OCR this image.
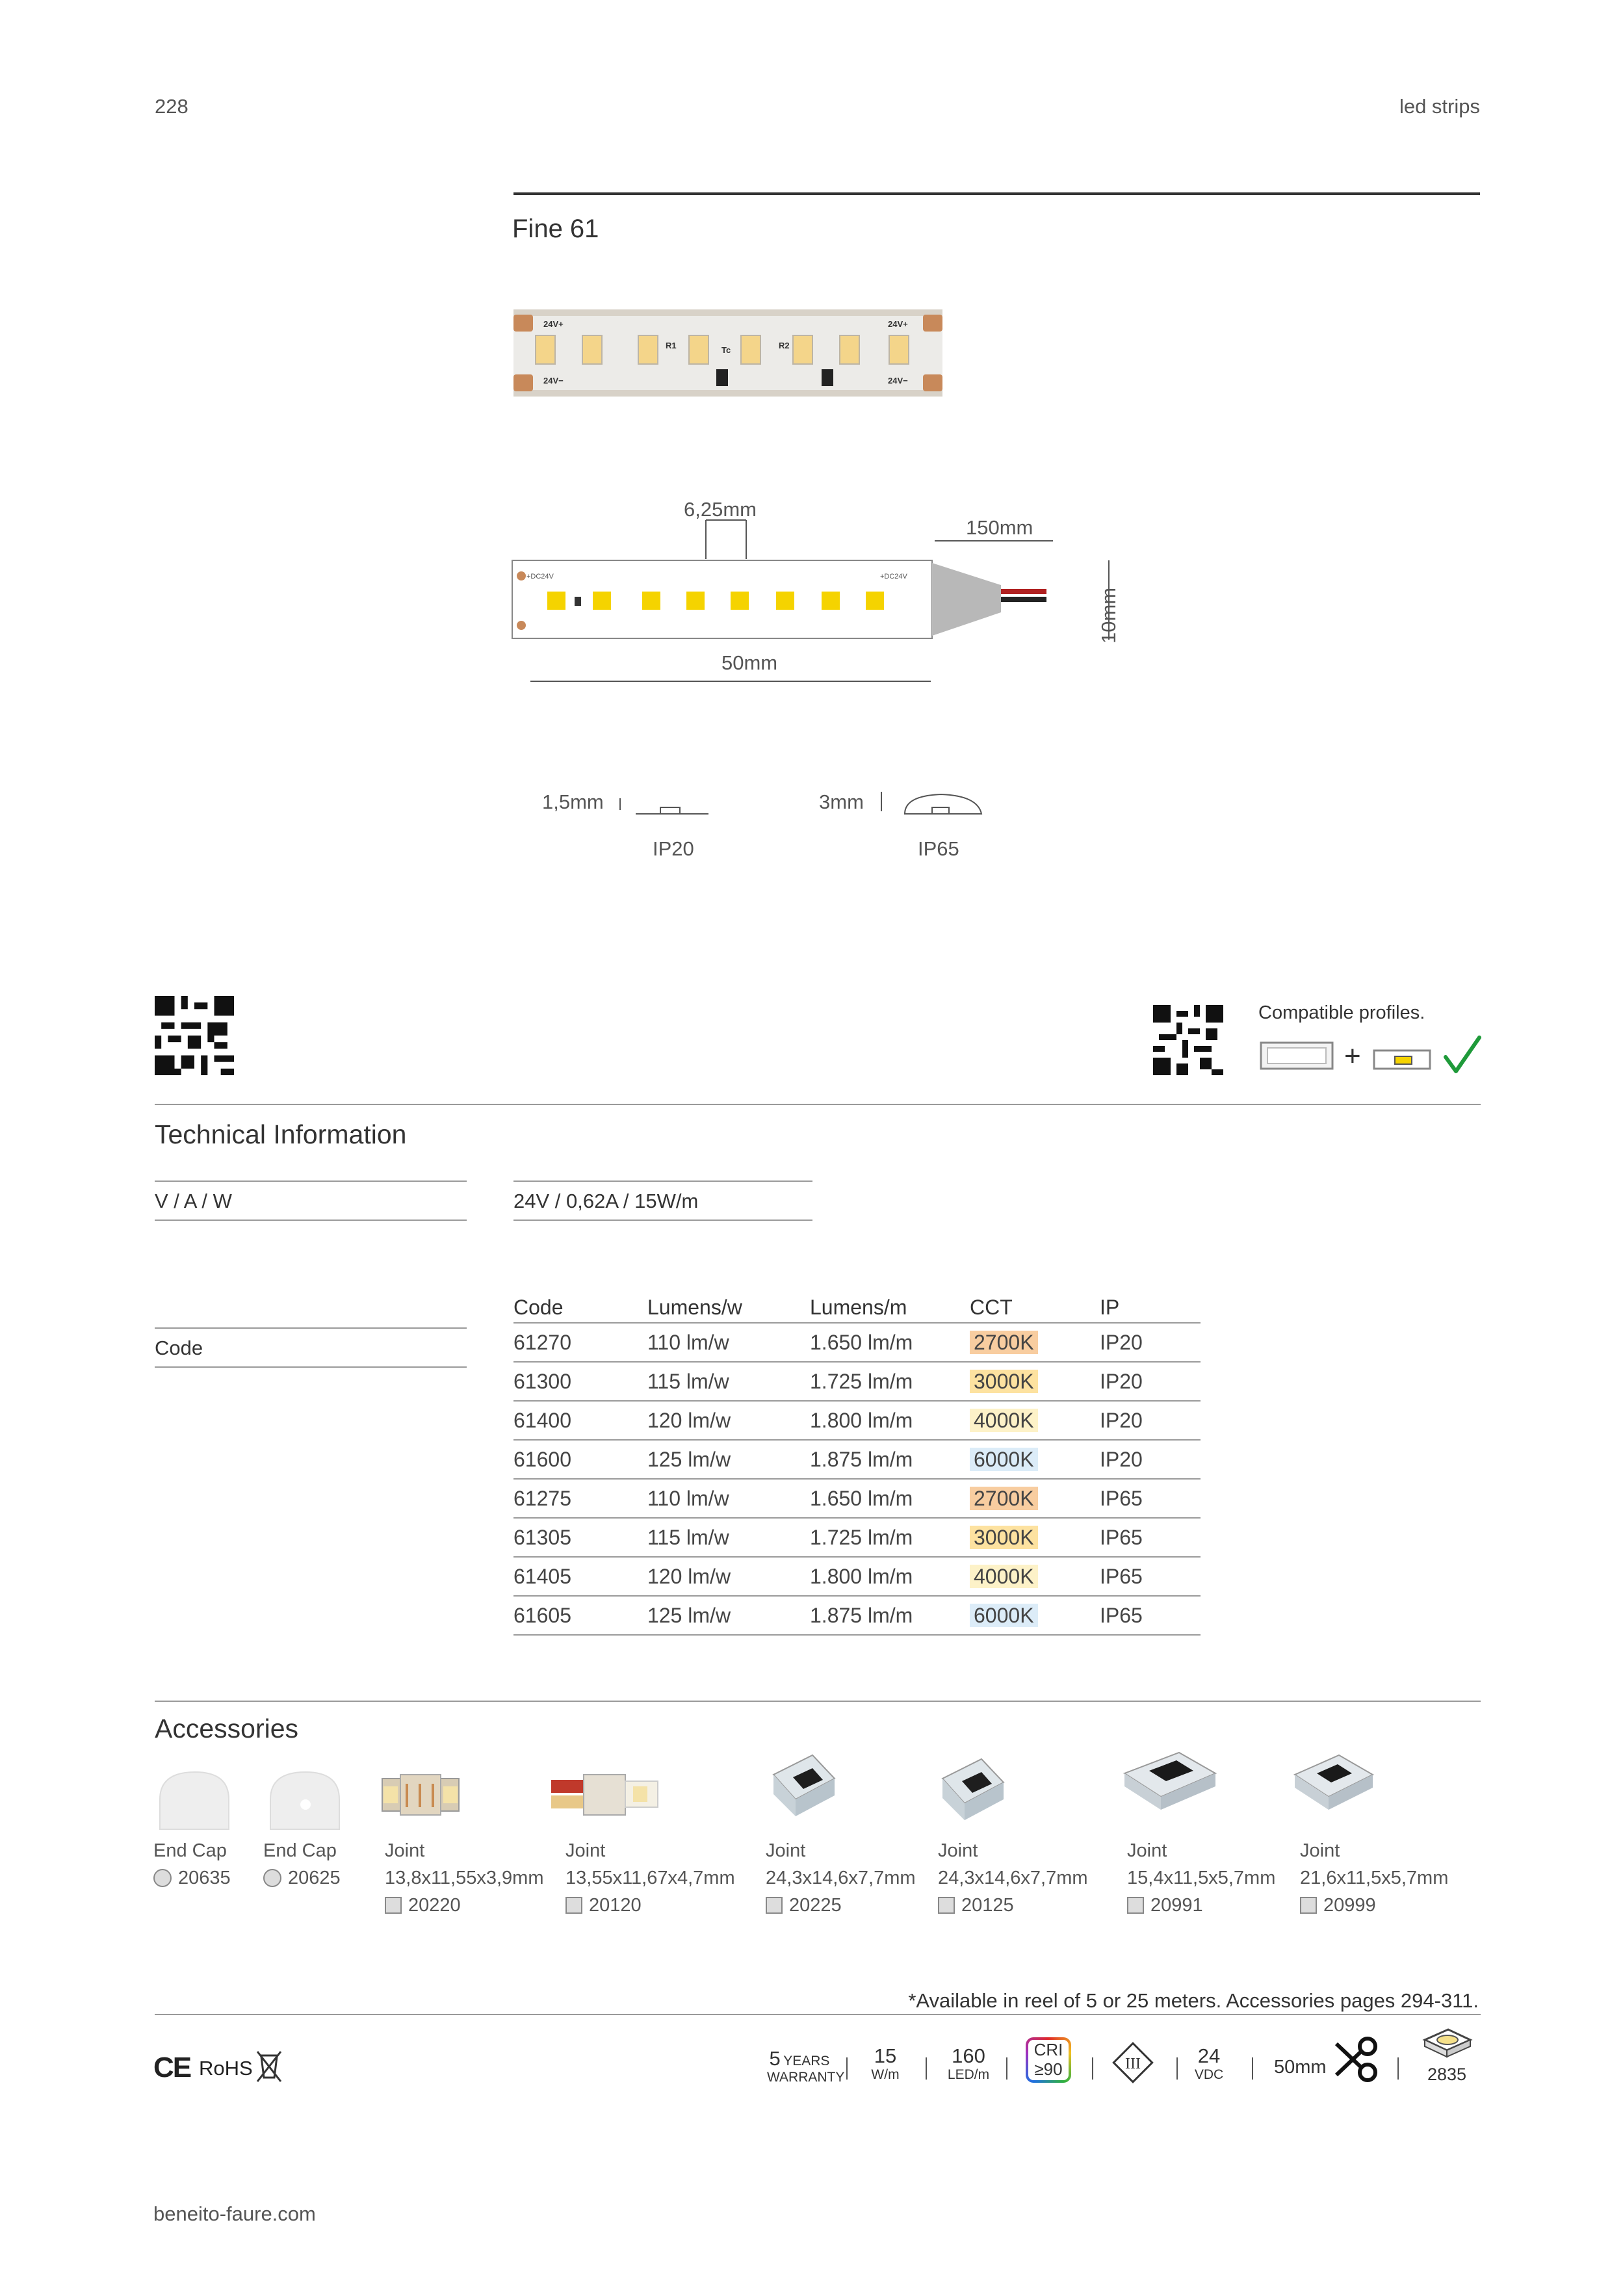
228	led strips
Fine 61
24V+	24V+
24V−	24V−
R1	Tc	R2
6,25mm
150mm
50mm
+DC24V	+DC24V
10mm
1,5mm
IP20
3mm
IP65
Compatible profiles.
+
Technical Information
V / A / W	24V / 0,62A / 15W/m
Code
Code	Lumens/w	Lumens/m	CCT	IP
61270	110 lm/w	1.650 lm/m	2700K	IP20
61300	115 lm/w	1.725 lm/m	3000K	IP20
61400	120 lm/w	1.800 lm/m	4000K	IP20
61600	125 lm/w	1.875 lm/m	6000K	IP20
61275	110 lm/w	1.650 lm/m	2700K	IP65
61305	115 lm/w	1.725 lm/m	3000K	IP65
61405	120 lm/w	1.800 lm/m	4000K	IP65
61605	125 lm/w	1.875 lm/m	6000K	IP65
Accessories
End Cap
20635
End Cap
20625
Joint
13,8x11,55x3,9mm
20220
Joint
13,55x11,67x4,7mm
20120
Joint
24,3x14,6x7,7mm
20225
Joint
24,3x14,6x7,7mm
20125
Joint
15,4x11,5x5,7mm
20991
Joint
21,6x11,5x5,7mm
20999
*Available in reel of 5 or 25 meters. Accessories pages 294-311.
CE RoHS	5 YEARS
WARRANTY
15
W/m
160
LED/m
CRI
≥90	III	24
VDC	50mm	2835
beneito-faure.com
